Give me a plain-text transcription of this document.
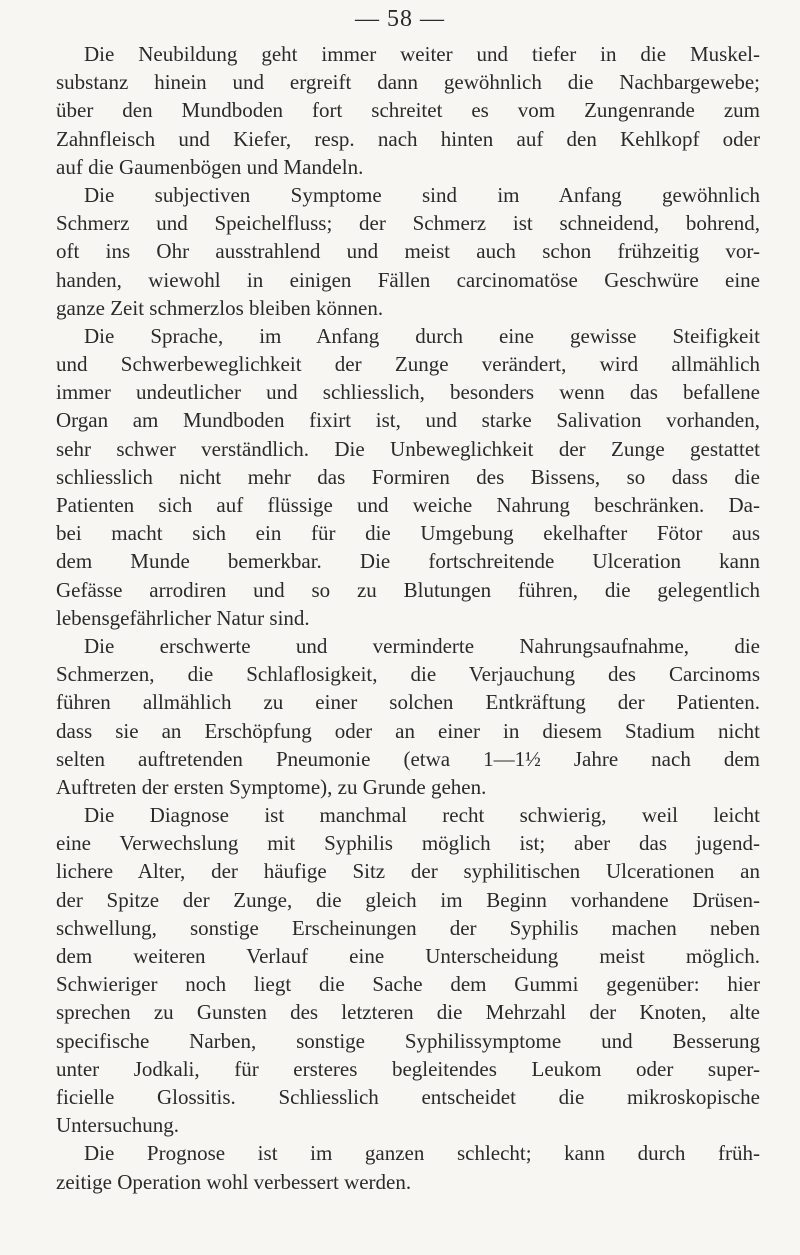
— 58 —
Die Neubildung geht immer weiter und tiefer in die Muskel-
substanz hinein und ergreift dann gewöhnlich die Nachbargewebe;
über den Mundboden fort schreitet es vom Zungenrande zum
Zahnfleisch und Kiefer, resp. nach hinten auf den Kehlkopf oder
auf die Gaumenbögen und Mandeln.
Die subjectiven Symptome sind im Anfang gewöhnlich
Schmerz und Speichelfluss; der Schmerz ist schneidend, bohrend,
oft ins Ohr ausstrahlend und meist auch schon frühzeitig vor-
handen, wiewohl in einigen Fällen carcinomatöse Geschwüre eine
ganze Zeit schmerzlos bleiben können.
Die Sprache, im Anfang durch eine gewisse Steifigkeit
und Schwerbeweglichkeit der Zunge verändert, wird allmählich
immer undeutlicher und schliesslich, besonders wenn das befallene
Organ am Mundboden fixirt ist, und starke Salivation vorhanden,
sehr schwer verständlich. Die Unbeweglichkeit der Zunge gestattet
schliesslich nicht mehr das Formiren des Bissens, so dass die
Patienten sich auf flüssige und weiche Nahrung beschränken. Da-
bei macht sich ein für die Umgebung ekelhafter Fötor aus
dem Munde bemerkbar. Die fortschreitende Ulceration kann
Gefässe arrodiren und so zu Blutungen führen, die gelegentlich
lebensgefährlicher Natur sind.
Die erschwerte und verminderte Nahrungsaufnahme, die
Schmerzen, die Schlaflosigkeit, die Verjauchung des Carcinoms
führen allmählich zu einer solchen Entkräftung der Patienten.
dass sie an Erschöpfung oder an einer in diesem Stadium nicht
selten auftretenden Pneumonie (etwa 1—1½ Jahre nach dem
Auftreten der ersten Symptome), zu Grunde gehen.
Die Diagnose ist manchmal recht schwierig, weil leicht
eine Verwechslung mit Syphilis möglich ist; aber das jugend-
lichere Alter, der häufige Sitz der syphilitischen Ulcerationen an
der Spitze der Zunge, die gleich im Beginn vorhandene Drüsen-
schwellung, sonstige Erscheinungen der Syphilis machen neben
dem weiteren Verlauf eine Unterscheidung meist möglich.
Schwieriger noch liegt die Sache dem Gummi gegenüber: hier
sprechen zu Gunsten des letzteren die Mehrzahl der Knoten, alte
specifische Narben, sonstige Syphilissymptome und Besserung
unter Jodkali, für ersteres begleitendes Leukom oder super-
ficielle Glossitis. Schliesslich entscheidet die mikroskopische
Untersuchung.
Die Prognose ist im ganzen schlecht; kann durch früh-
zeitige Operation wohl verbessert werden.
